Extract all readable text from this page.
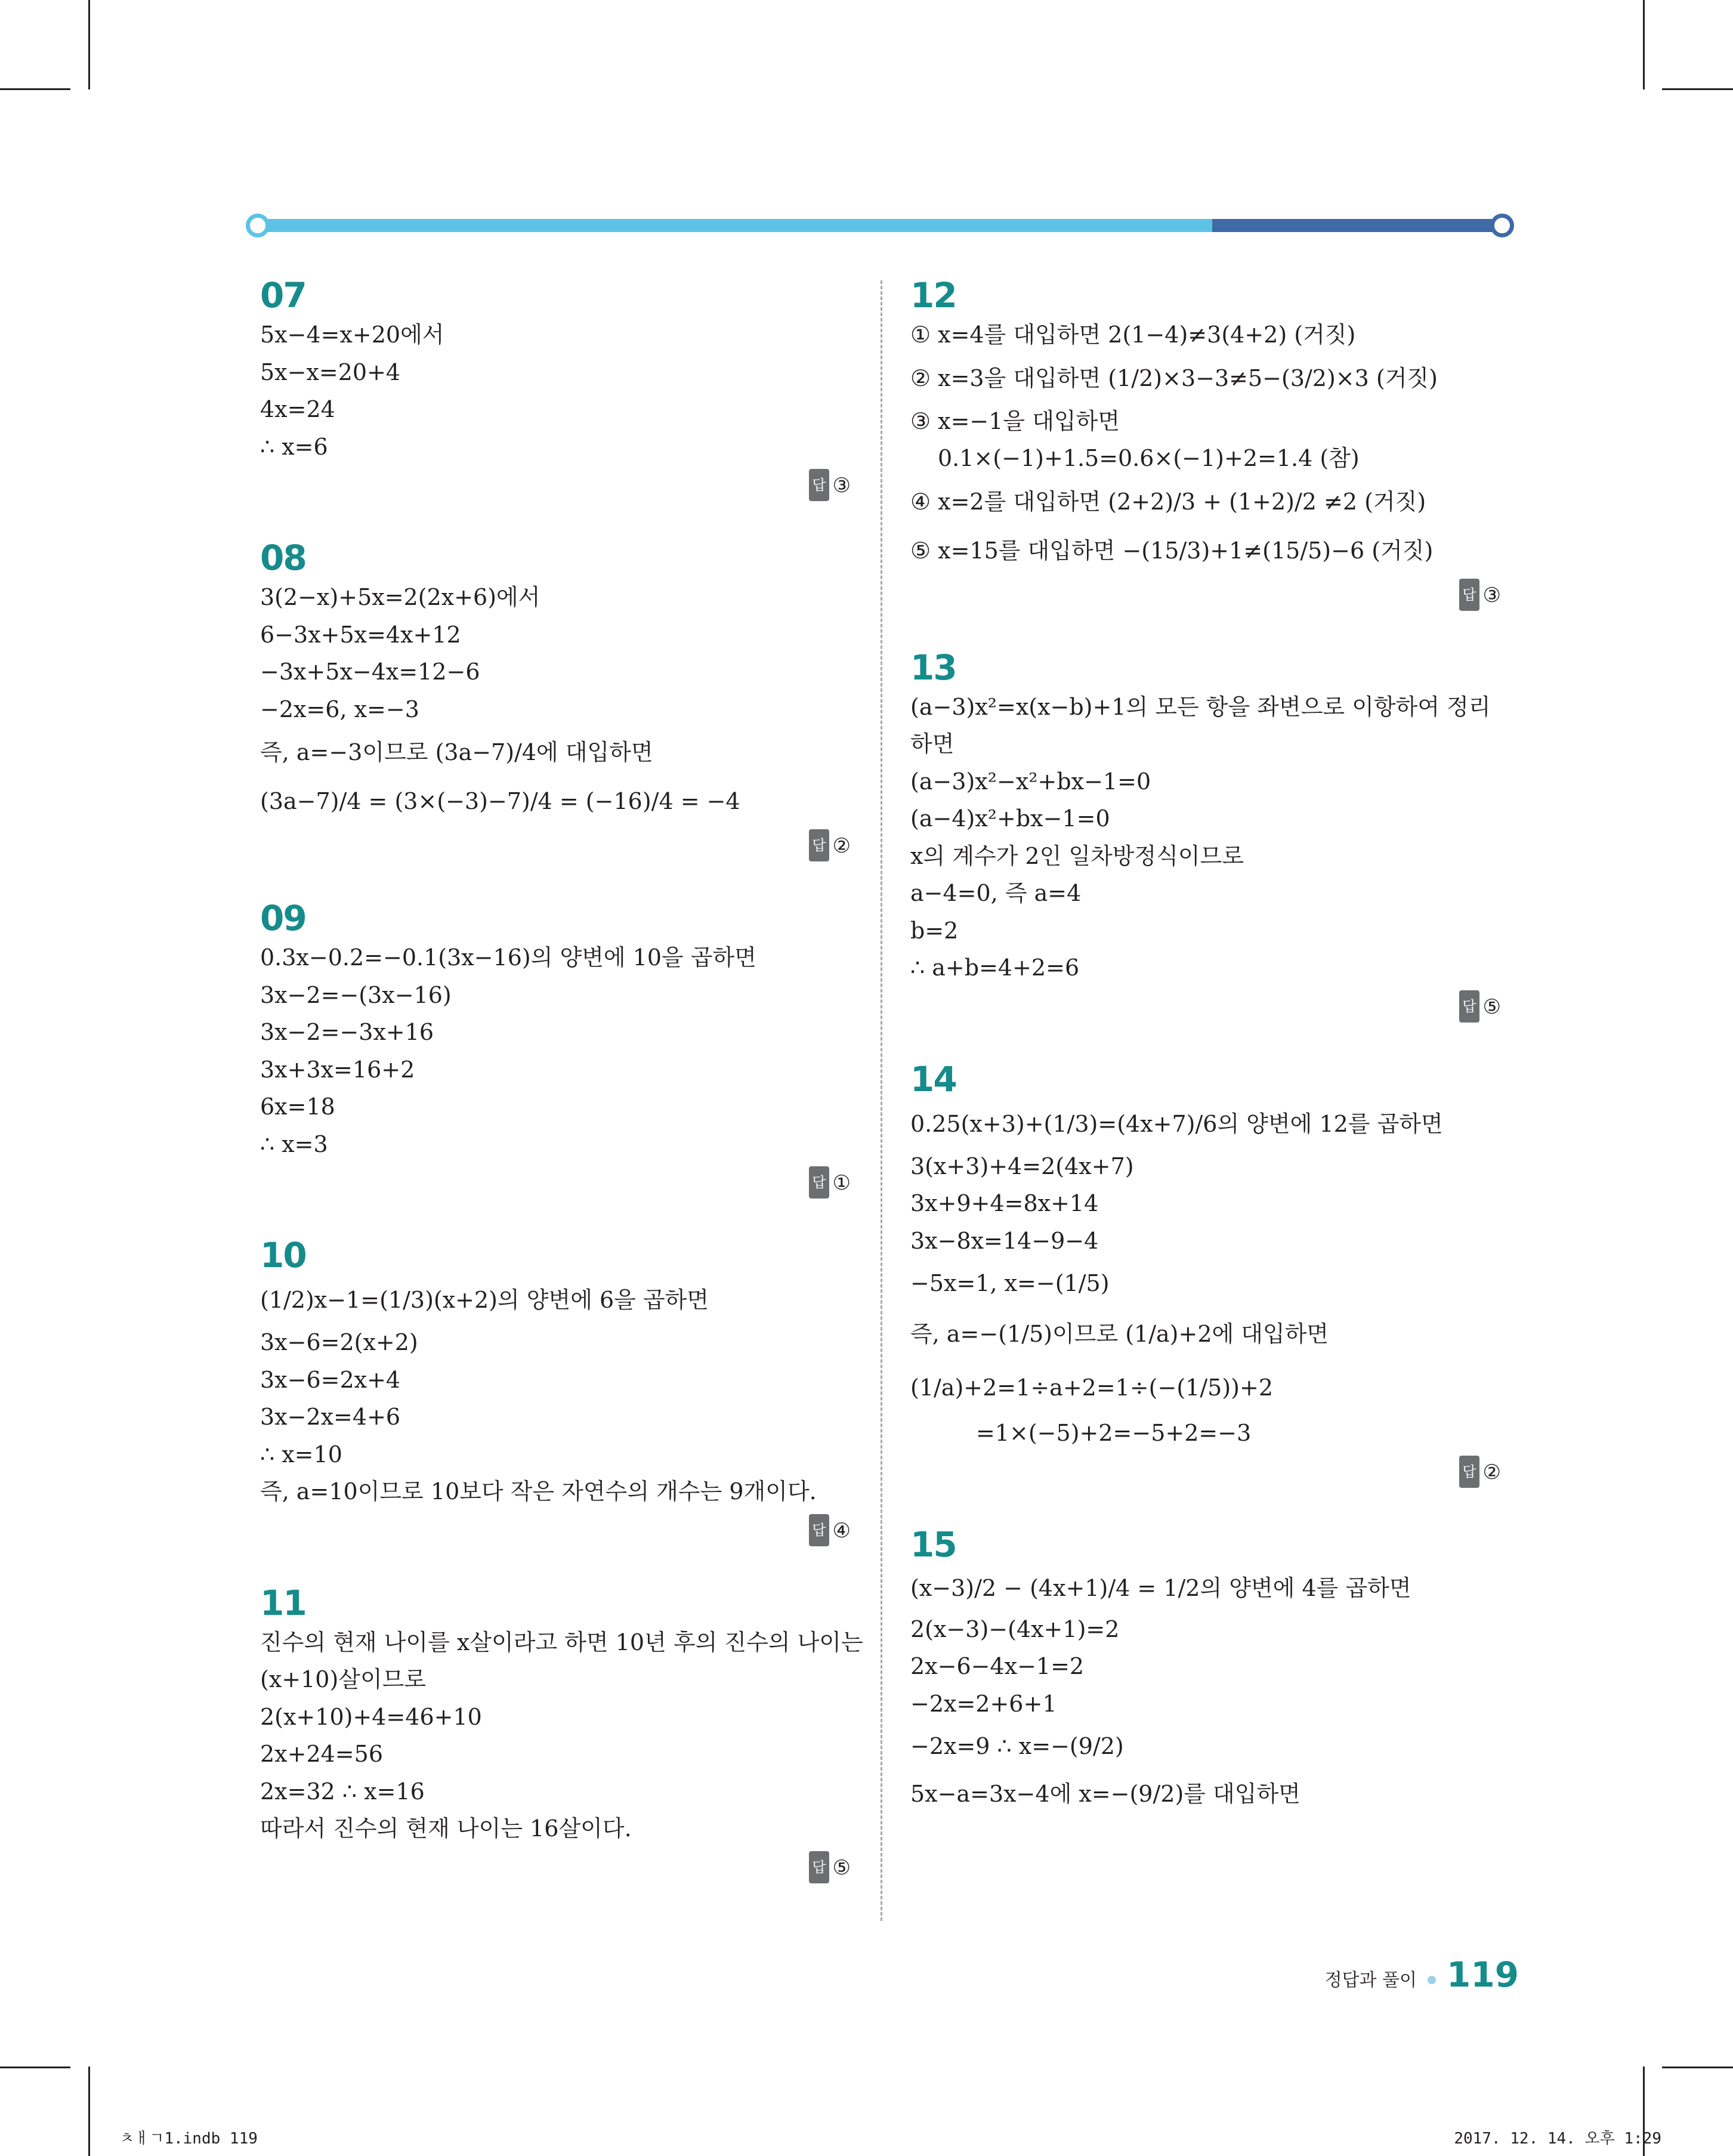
07
5x−4=x+20에서
5x−x=20+4
4x=24
∴ x=6
답 ③
08
3(2−x)+5x=2(2x+6)에서
6−3x+5x=4x+12
−3x+5x−4x=12−6
−2x=6, x=−3
즉, a=−3이므로 (3a−7)/4에 대입하면
(3a−7)/4 = (3×(−3)−7)/4 = (−16)/4 = −4
답 ②
09
0.3x−0.2=−0.1(3x−16)의 양변에 10을 곱하면
3x−2=−(3x−16)
3x−2=−3x+16
3x+3x=16+2
6x=18
∴ x=3
답 ①
10
(1/2)x−1=(1/3)(x+2)의 양변에 6을 곱하면
3x−6=2(x+2)
3x−6=2x+4
3x−2x=4+6
∴ x=10
즉, a=10이므로 10보다 작은 자연수의 개수는 9개이다.
답 ④
11
진수의 현재 나이를 x살이라고 하면 10년 후의 진수의 나이는
(x+10)살이므로
2(x+10)+4=46+10
2x+24=56
2x=32 ∴ x=16
따라서 진수의 현재 나이는 16살이다.
답 ⑤
12
① x=4를 대입하면 2(1−4)≠3(4+2) (거짓)
② x=3을 대입하면 (1/2)×3−3≠5−(3/2)×3 (거짓)
③ x=−1을 대입하면
0.1×(−1)+1.5=0.6×(−1)+2=1.4 (참)
④ x=2를 대입하면 (2+2)/3 + (1+2)/2 ≠2 (거짓)
⑤ x=15를 대입하면 −(15/3)+1≠(15/5)−6 (거짓)
답 ③
13
(a−3)x²=x(x−b)+1의 모든 항을 좌변으로 이항하여 정리
하면
(a−3)x²−x²+bx−1=0
(a−4)x²+bx−1=0
x의 계수가 2인 일차방정식이므로
a−4=0, 즉 a=4
b=2
∴ a+b=4+2=6
답 ⑤
14
0.25(x+3)+(1/3)=(4x+7)/6의 양변에 12를 곱하면
3(x+3)+4=2(4x+7)
3x+9+4=8x+14
3x−8x=14−9−4
−5x=1, x=−(1/5)
즉, a=−(1/5)이므로 (1/a)+2에 대입하면
(1/a)+2=1÷a+2=1÷(−(1/5))+2
=1×(−5)+2=−5+2=−3
답 ②
15
(x−3)/2 − (4x+1)/4 = 1/2의 양변에 4를 곱하면
2(x−3)−(4x+1)=2
2x−6−4x−1=2
−2x=2+6+1
−2x=9 ∴ x=−(9/2)
5x−a=3x−4에 x=−(9/2)를 대입하면
정답과 풀이 119
ㅊㅐㄱ1.indb 119	2017. 12. 14. 오후 1:29
